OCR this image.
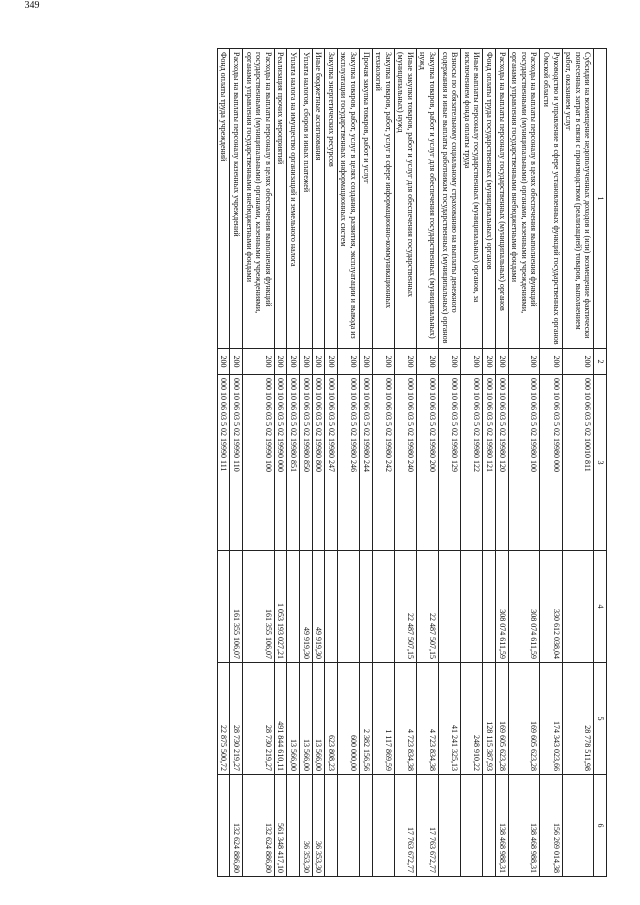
349
1	2	3	4	5	6
Субсидии на возмещение недополученных доходов и (или) возмещение фактически понесенных затрат в связи с производством (реализацией) товаров, выполнением работ, оказанием услуг	200	000 10 06 03 5 02 10010 811		28 778 511,98	
Руководство и управление в сфере установленных функций государственных органов Омской области	200	000 10 06 03 5 02 19980 000	330 612 038,04	174 343 023,66	156 269 014,38
Расходы на выплаты персоналу в целях обеспечения выполнения функций государственными (муниципальными) органами, казенными учреждениями, органами управления государственными внебюджетными фондами	200	000 10 06 03 5 02 19980 100	308 074 611,59	169 605 623,28	138 468 988,31
Расходы на выплаты персоналу государственных (муниципальных) органов	200	000 10 06 03 5 02 19980 120	308 074 611,59	169 605 623,28	138 468 988,31
Фонд оплаты труда государственных (муниципальных) органов	200	000 10 06 03 5 02 19980 121		128 115 387,93	
Иные выплаты персоналу государственных (муниципальных) органов, за исключением фонда оплаты труда	200	000 10 06 03 5 02 19980 122		248 910,22	
Взносы по обязательному социальному страхованию на выплаты денежного содержания и иные выплаты работникам государственных (муниципальных) органов	200	000 10 06 03 5 02 19980 129		41 241 325,13	
Закупка товаров, работ и услуг для обеспечения государственных (муниципальных) нужд	200	000 10 06 03 5 02 19980 200	22 487 507,15	4 723 834,38	17 763 672,77
Иные закупки товаров, работ и услуг для обеспечения государственных (муниципальных) нужд	200	000 10 06 03 5 02 19980 240	22 487 507,15	4 723 834,38	17 763 672,77
Закупка товаров, работ, услуг в сфере информационно-коммуникационных технологий	200	000 10 06 03 5 02 19980 242		1 117 869,59	
Прочая закупка товаров, работ и услуг	200	000 10 06 03 5 02 19980 244		2 382 156,56	
Закупка товаров, работ, услуг в целях создания, развития, эксплуатации и вывода из эксплуатации государственных информационных систем	200	000 10 06 03 5 02 19980 246		600 000,00	
Закупка энергетических ресурсов	200	000 10 06 03 5 02 19980 247		623 808,23	
Иные бюджетные ассигнования	200	000 10 06 03 5 02 19980 800	49 919,30	13 566,00	36 353,30
Уплата налогов, сборов и иных платежей	200	000 10 06 03 5 02 19980 850	49 919,30	13 566,00	36 353,30
Уплата налога на имущество организаций и земельного налога	200	000 10 06 03 5 02 19980 851		13 566,00	
Реализация прочих мероприятий	200	000 10 06 03 5 02 19990 000	1 053 193 027,21	491 844 610,11	561 348 417,10
Расходы на выплаты персоналу в целях обеспечения выполнения функций государственными (муниципальными) органами, казенными учреждениями, органами управления государственными внебюджетными фондами	200	000 10 06 03 5 02 19990 100	161 355 106,07	28 730 219,27	132 624 886,80
Расходы на выплаты персоналу казенных учреждений	200	000 10 06 03 5 02 19990 110	161 355 106,07	28 730 219,27	132 624 886,80
Фонд оплаты труда учреждений	200	000 10 06 03 5 02 19990 111		22 875 500,72	
